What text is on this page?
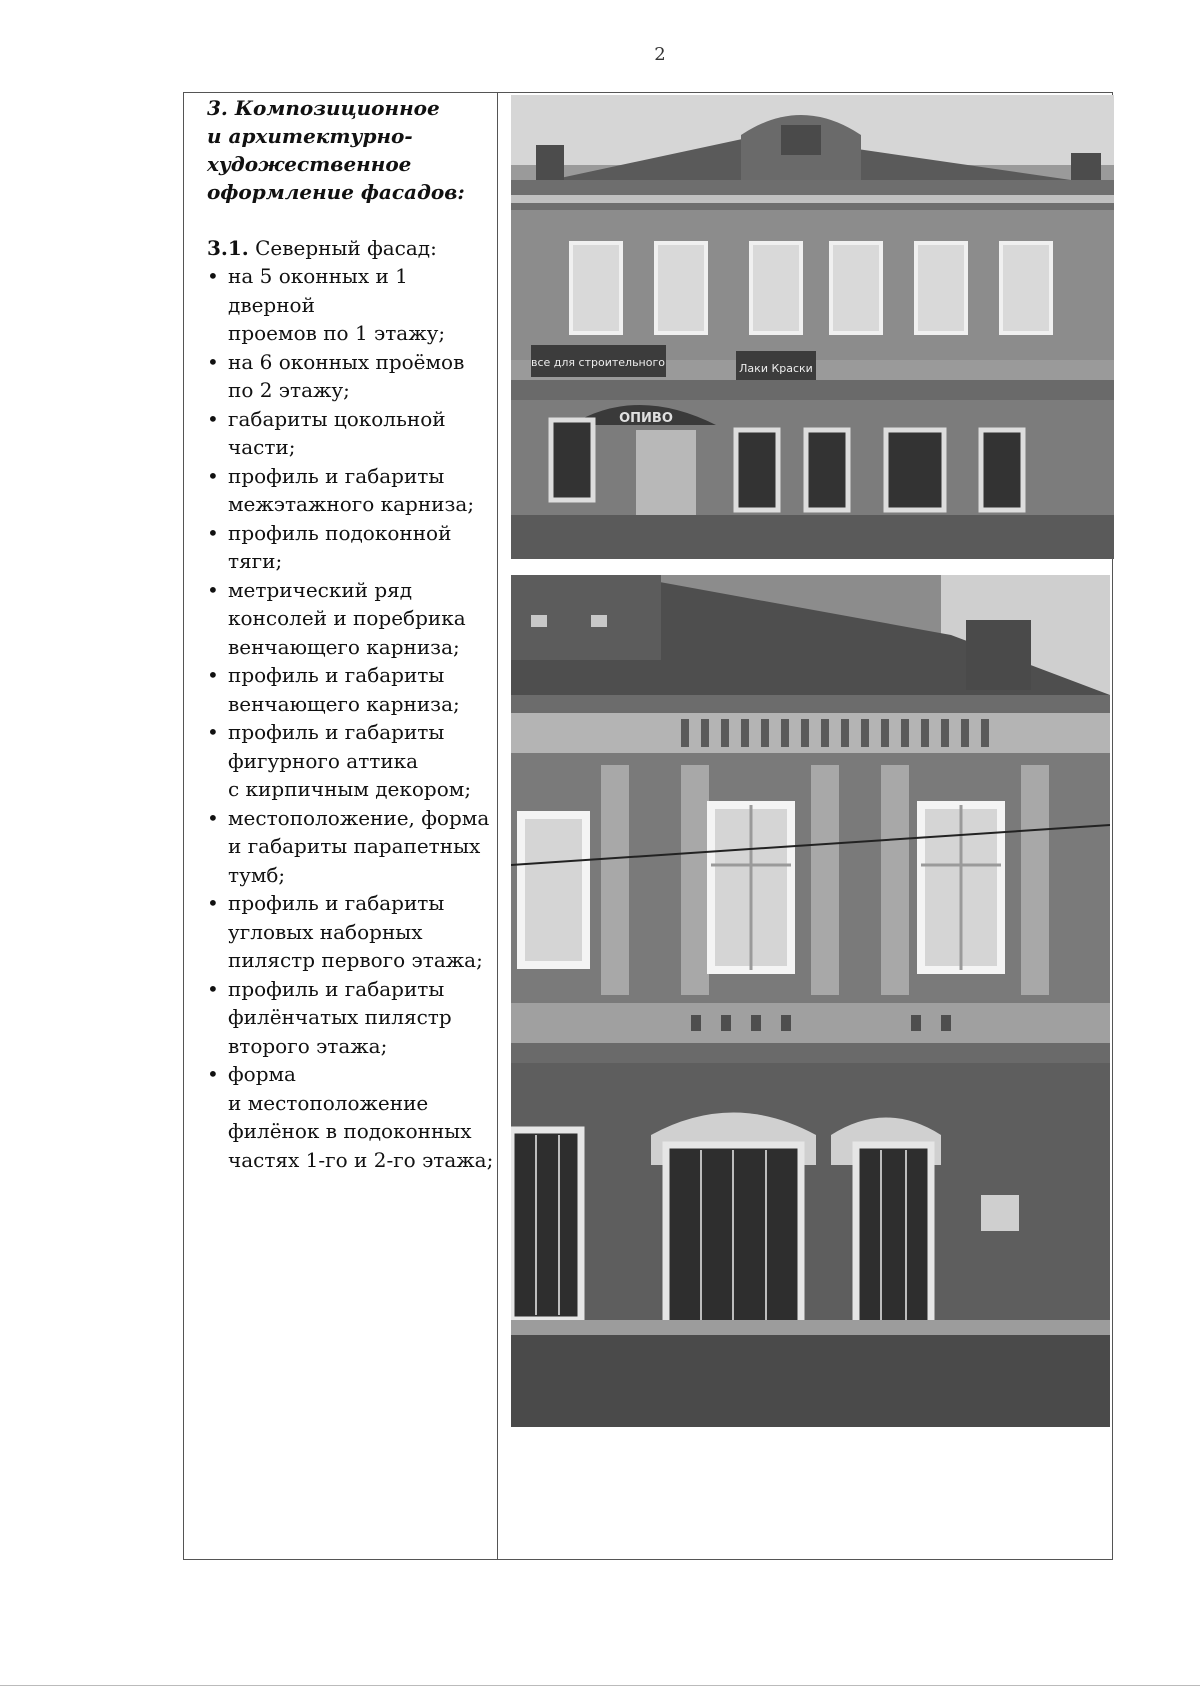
2

3. Композиционное
и архитектурно-
художественное
оформление фасадов:

3.1. Северный фасад:

• на 5 оконных и 1 дверной
проемов по 1 этажу;
• на 6 оконных проёмов
по 2 этажу;
• габариты цокольной
части;
• профиль и габариты
межэтажного карниза;
• профиль подоконной
тяги;
• метрический ряд
консолей и поребрика
венчающего карниза;
• профиль и габариты
венчающего карниза;
• профиль и габариты
фигурного аттика
с кирпичным декором;
• местоположение, форма
и габариты парапетных
тумб;
• профиль и габариты
угловых наборных
пилястр первого этажа;
• профиль и габариты
филёнчатых пилястр
второго этажа;
• форма
и местоположение
филёнок в подоконных
частях 1-го и 2-го этажа;
все для строительного	Лаки Краски
ОПИВО
